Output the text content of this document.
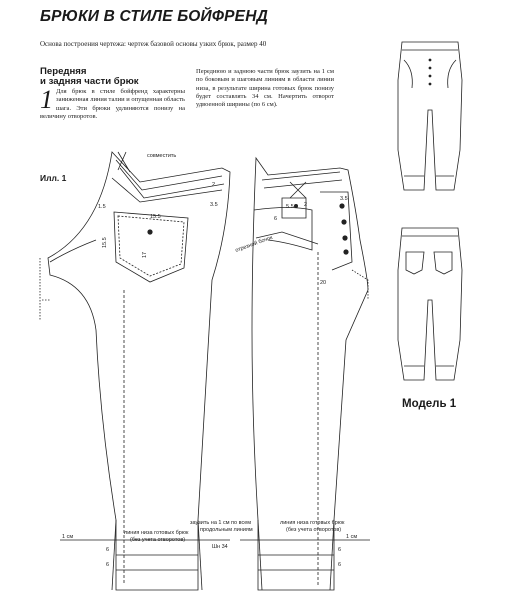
БРЮКИ В СТИЛЕ БОЙФРЕНД
Основа построения чертежа: чертеж базовой основы узких брюк, размер 40
Передняя
и задняя части брюк
1 Для брюк в стиле бойфренд характерны заниженная линия талии и опущенная область шага. Эти брюки удлиняются понизу на величину отворотов.
Переднюю и заднюю части брюк заузить на 1 см по боковым и шаговым линиям в области линии низа, в результате ширина готовых брюк понизу будет составлять 34 см. Начертить отворот удвоенной ширины (по 6 см).
Илл. 1
Модель 1
совместить
отрезной бочок
15.5
15.5
17
5.5 2
6
2
3.5
3.5
20
1.5
1 см	1 см
6
6
6
6
линия низа готовых брюк
(без учета отворотов)
заузить на 1 см по всем
продольным линиям
Шн 34
линия низа готовых брюк
(без учета отворотов)
